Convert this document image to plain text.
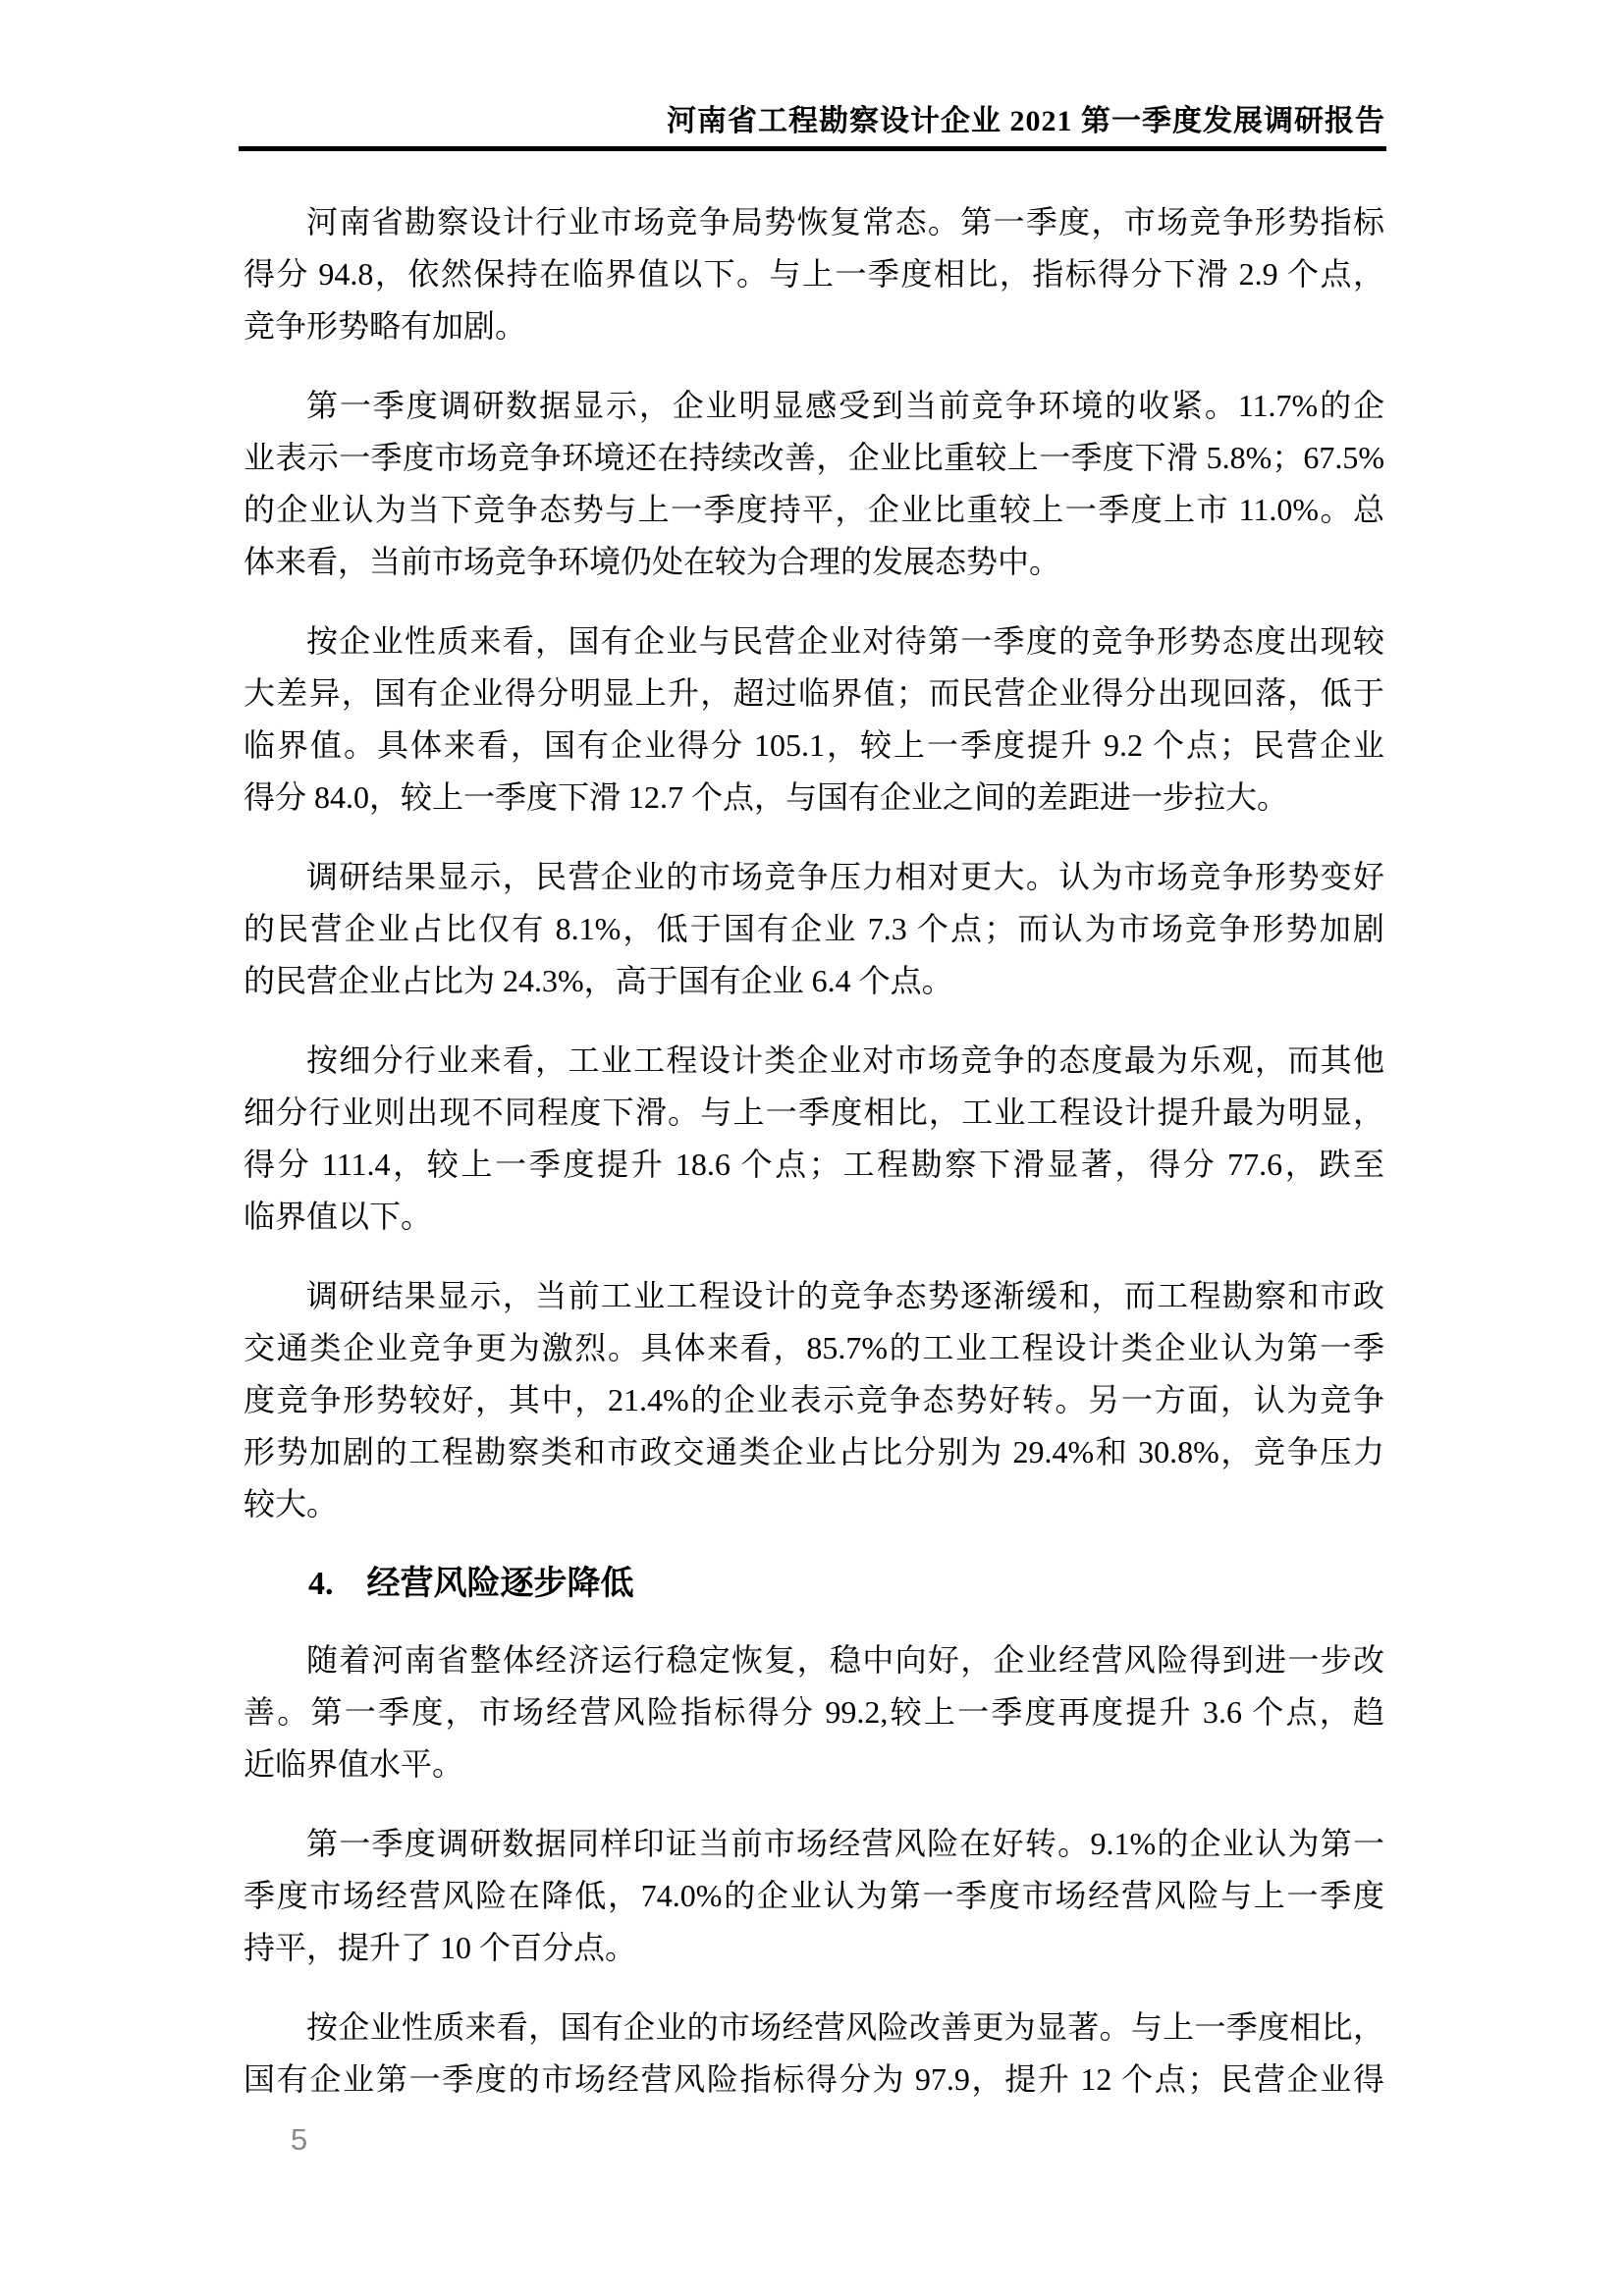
河南省工程勘察设计企业 2021 第一季度发展调研报告
河南省勘察设计行业市场竞争局势恢复常态。第一季度，市场竞争形势指标
得分 94.8，依然保持在临界值以下。与上一季度相比，指标得分下滑 2.9 个点，
竞争形势略有加剧。
第一季度调研数据显示，企业明显感受到当前竞争环境的收紧。11.7%的企
业表示一季度市场竞争环境还在持续改善，企业比重较上一季度下滑 5.8%；67.5%
的企业认为当下竞争态势与上一季度持平，企业比重较上一季度上市 11.0%。总
体来看，当前市场竞争环境仍处在较为合理的发展态势中。
按企业性质来看，国有企业与民营企业对待第一季度的竞争形势态度出现较
大差异，国有企业得分明显上升，超过临界值；而民营企业得分出现回落，低于
临界值。具体来看，国有企业得分 105.1，较上一季度提升 9.2 个点；民营企业
得分 84.0，较上一季度下滑 12.7 个点，与国有企业之间的差距进一步拉大。
调研结果显示，民营企业的市场竞争压力相对更大。认为市场竞争形势变好
的民营企业占比仅有 8.1%，低于国有企业 7.3 个点；而认为市场竞争形势加剧
的民营企业占比为 24.3%，高于国有企业 6.4 个点。
按细分行业来看，工业工程设计类企业对市场竞争的态度最为乐观，而其他
细分行业则出现不同程度下滑。与上一季度相比，工业工程设计提升最为明显，
得分 111.4，较上一季度提升 18.6 个点；工程勘察下滑显著，得分 77.6，跌至
临界值以下。
调研结果显示，当前工业工程设计的竞争态势逐渐缓和，而工程勘察和市政
交通类企业竞争更为激烈。具体来看，85.7%的工业工程设计类企业认为第一季
度竞争形势较好，其中，21.4%的企业表示竞争态势好转。另一方面，认为竞争
形势加剧的工程勘察类和市政交通类企业占比分别为 29.4%和 30.8%，竞争压力
较大。
4. 经营风险逐步降低
随着河南省整体经济运行稳定恢复，稳中向好，企业经营风险得到进一步改
善。第一季度，市场经营风险指标得分 99.2,较上一季度再度提升 3.6 个点，趋
近临界值水平。
第一季度调研数据同样印证当前市场经营风险在好转。9.1%的企业认为第一
季度市场经营风险在降低，74.0%的企业认为第一季度市场经营风险与上一季度
持平，提升了 10 个百分点。
按企业性质来看，国有企业的市场经营风险改善更为显著。与上一季度相比，
国有企业第一季度的市场经营风险指标得分为 97.9，提升 12 个点；民营企业得
5
